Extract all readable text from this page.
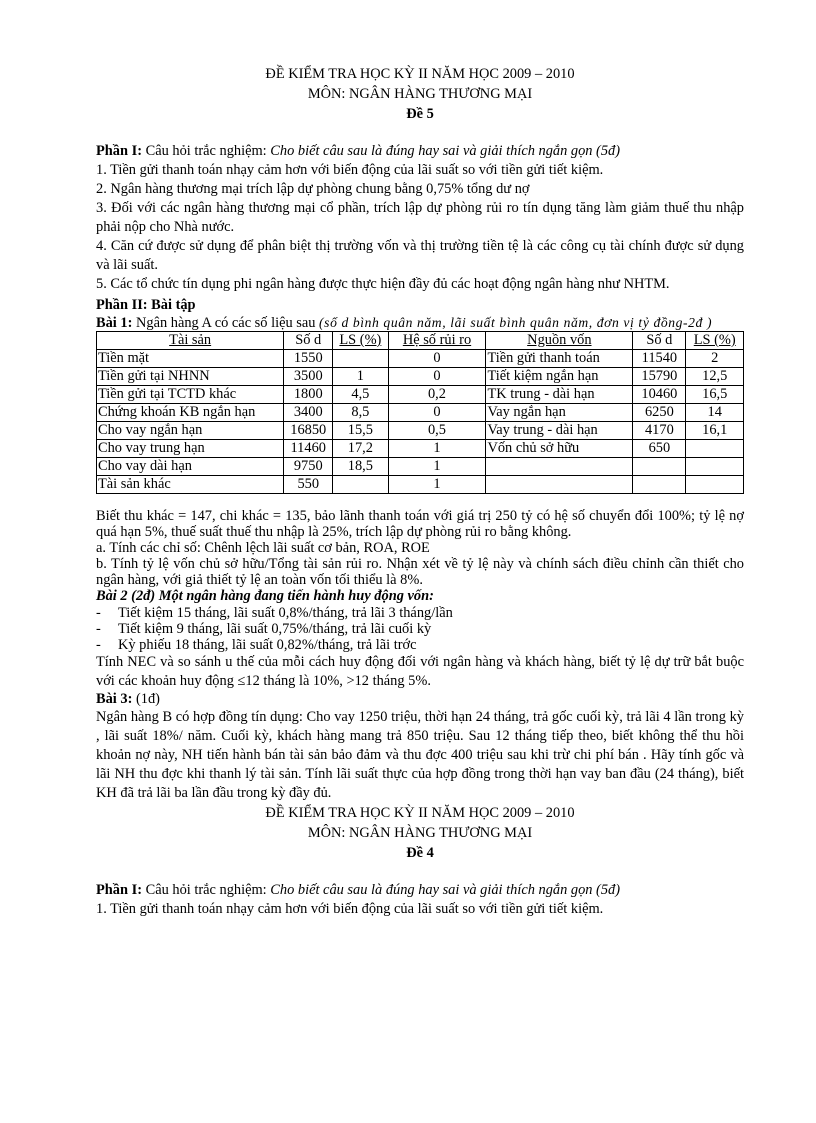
ĐỀ KIỂM TRA HỌC KỲ II NĂM HỌC 2009 – 2010
MÔN: NGÂN HÀNG THƯƠNG MẠI
Đề 5

Phần I: Câu hỏi trắc nghiệm: Cho biết câu sau là đúng hay sai và giải thích ngắn gọn (5đ)

1. Tiền gửi thanh toán nhạy cảm hơn với biến động của lãi suất so với tiền gửi tiết kiệm.

2. Ngân hàng thương mại trích lập dự phòng chung bằng 0,75% tổng dư nợ

3. Đối với các ngân hàng thương mại cổ phần, trích lập dự phòng rủi ro tín dụng tăng làm giảm thuế thu nhập phải nộp cho Nhà nước.

4. Căn cứ được sử dụng để phân biệt thị trường vốn và thị trường tiền tệ là các công cụ tài chính được sử dụng và lãi suất.

5. Các tổ chức tín dụng phi ngân hàng được thực hiện đầy đủ các hoạt động ngân hàng như NHTM.

Phần II: Bài tập

Bài 1: Ngân hàng A có các số liệu sau (số d bình quân năm, lãi suất bình quân năm, đơn vị tỷ đồng-2đ )

Tài sản	Số d	LS (%)	Hệ số rủi ro	Nguồn vốn	Số d	LS (%)
Tiền mặt	1550		0	Tiền gửi thanh toán	11540	2
Tiền gửi tại NHNN	3500	1	0	Tiết kiệm ngắn hạn	15790	12,5
Tiền gửi tại TCTD khác	1800	4,5	0,2	TK trung - dài hạn	10460	16,5
Chứng khoán KB ngắn hạn	3400	8,5	0	Vay ngắn hạn	6250	14
Cho vay ngắn hạn	16850	15,5	0,5	Vay trung - dài hạn	4170	16,1
Cho vay trung hạn	11460	17,2	1	Vốn chủ sở hữu	650	
Cho vay dài hạn	9750	18,5	1			
Tài sản khác	550		1			

Biết thu khác = 147, chi khác = 135, bảo lãnh thanh toán với giá trị 250 tỷ có hệ số chuyển đổi 100%; tỷ lệ nợ quá hạn 5%, thuế suất thuế thu nhập là 25%, trích lập dự phòng rủi ro bằng không.

a. Tính các chỉ số: Chênh lệch lãi suất cơ bản, ROA, ROE

b. Tính tỷ lệ vốn chủ sở hữu/Tổng tài sản rủi ro. Nhận xét về tỷ lệ này và chính sách điều chỉnh cần thiết cho ngân hàng, với giả thiết tỷ lệ an toàn vốn tối thiểu là 8%.

Bài 2 (2đ) Một ngân hàng đang tiến hành huy động vốn:

- Tiết kiệm 15 tháng, lãi suất 0,8%/tháng, trả lãi 3 tháng/lần

- Tiết kiệm 9 tháng, lãi suất 0,75%/tháng, trả lãi cuối kỳ

- Kỳ phiếu 18 tháng, lãi suất 0,82%/tháng, trả lãi trớc

Tính NEC và so sánh u thế của mỗi cách huy động đối với ngân hàng và khách hàng, biết tỷ lệ dự trữ bắt buộc với các khoản huy động ≤12 tháng là 10%, >12 tháng 5%.

Bài 3: (1đ)

Ngân hàng B có hợp đồng tín dụng: Cho vay 1250 triệu, thời hạn 24 tháng, trả gốc cuối kỳ, trả lãi 4 lần trong kỳ , lãi suất 18%/ năm. Cuối kỳ, khách hàng mang trả 850 triệu. Sau 12 tháng tiếp theo, biết không thể thu hồi khoản nợ này, NH tiến hành bán tài sản bảo đảm và thu đợc 400 triệu sau khi trừ chi phí bán . Hãy tính gốc và lãi NH thu đợc khi thanh lý tài sản. Tính lãi suất thực của hợp đồng trong thời hạn vay ban đầu (24 tháng), biết KH đã trả lãi ba lần đầu trong kỳ đầy đủ.

ĐỀ KIỂM TRA HỌC KỲ II NĂM HỌC 2009 – 2010
MÔN: NGÂN HÀNG THƯƠNG MẠI
Đề 4

Phần I: Câu hỏi trắc nghiệm: Cho biết câu sau là đúng hay sai và giải thích ngắn gọn (5đ)

1. Tiền gửi thanh toán nhạy cảm hơn với biến động của lãi suất so với tiền gửi tiết kiệm.
